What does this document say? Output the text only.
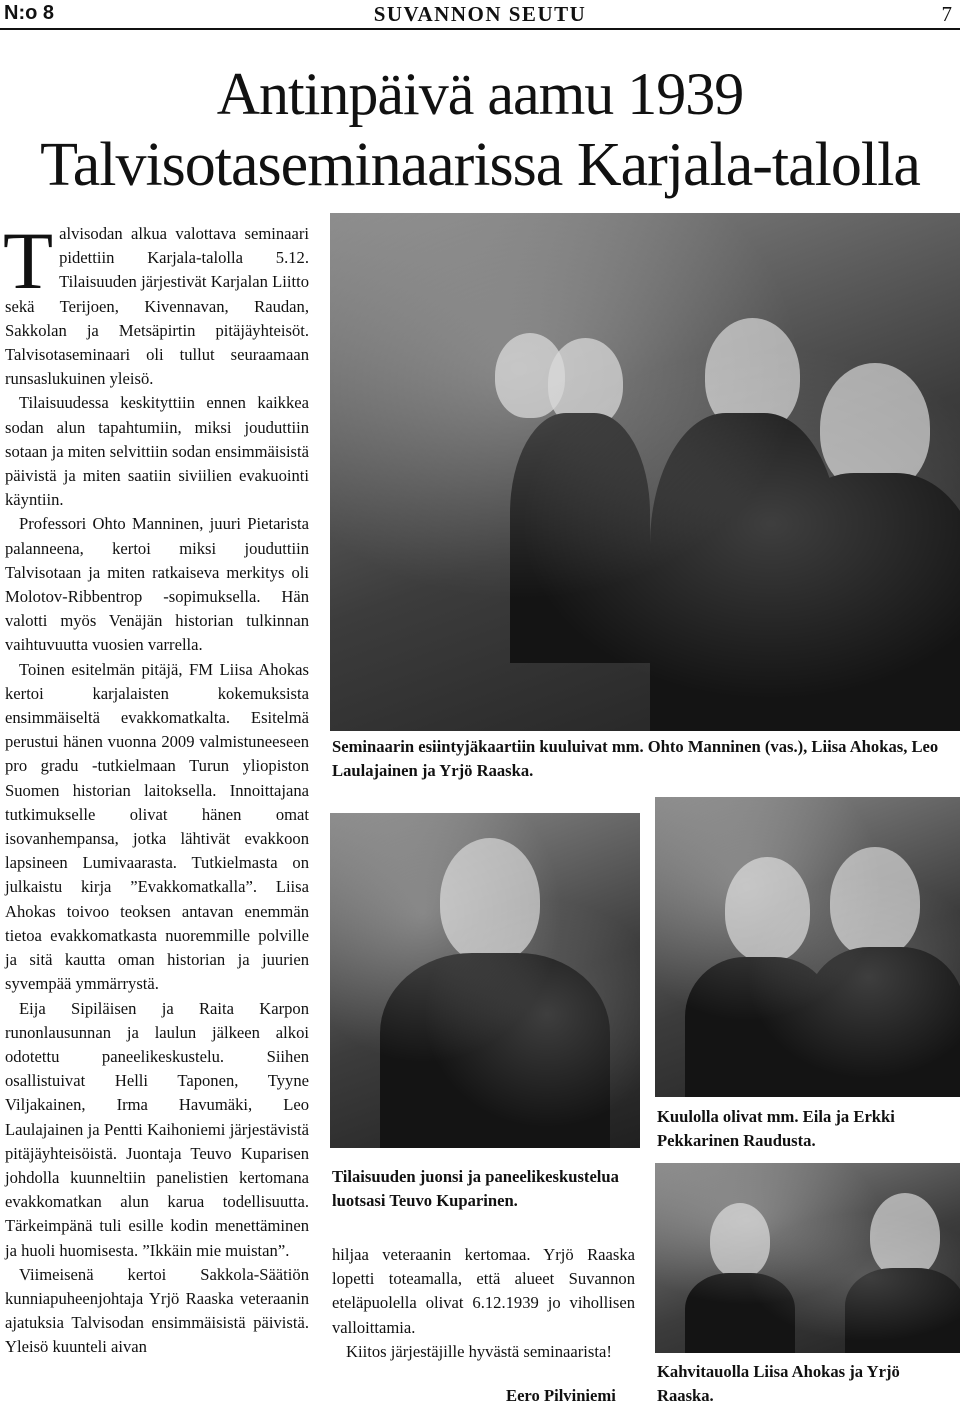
N:o 8	SUVANNON SEUTU	7
Antinpäivä aamu 1939
Talvisotaseminaarissa Karjala-talolla

Talvisodan alkua valottava seminaari pidettiin Karjala-talolla 5.12. Tilaisuuden järjestivät Karjalan Liitto sekä Terijoen, Kivennavan, Raudan, Sakkolan ja Metsäpirtin pitäjäyhteisöt. Talvisotaseminaari oli tullut seuraamaan runsaslukuinen yleisö.

Tilaisuudessa keskityttiin ennen kaikkea sodan alun tapahtumiin, miksi jouduttiin sotaan ja miten selvittiin sodan ensimmäisistä päivistä ja miten saatiin siviilien evakuointi käyntiin.

Professori Ohto Manninen, juuri Pietarista palanneena, kertoi miksi jouduttiin Talvisotaan ja miten ratkaiseva merkitys oli Molotov-Ribbentrop -sopimuksella. Hän valotti myös Venäjän historian tulkinnan vaihtuvuutta vuosien varrella.

Toinen esitelmän pitäjä, FM Liisa Ahokas kertoi karjalaisten kokemuksista ensimmäiseltä evakkomatkalta. Esitelmä perustui hänen vuonna 2009 valmistuneeseen pro gradu -tutkielmaan Turun yliopiston Suomen historian laitoksella. Innoittajana tutkimukselle olivat hänen omat isovanhempansa, jotka lähtivät evakkoon lapsineen Lumivaarasta. Tutkielmasta on julkaistu kirja ”Evakkomatkalla”. Liisa Ahokas toivoo teoksen antavan enemmän tietoa evakkomatkasta nuoremmille polville ja sitä kautta oman historian ja juurien syvempää ymmärrystä.

Eija Sipiläisen ja Raita Karpon runonlausunnan ja laulun jälkeen alkoi odotettu paneelikeskustelu. Siihen osallistuivat Helli Taponen, Tyyne Viljakainen, Irma Havumäki, Leo Laulajainen ja Pentti Kaihoniemi järjestävistä pitäjäyhteisöistä. Juontaja Teuvo Kuparisen johdolla kuunneltiin panelistien kertomana evakkomatkan alun karua todellisuutta. Tärkeimpänä tuli esille kodin menettäminen ja huoli huomisesta. ”Ikkäin mie muistan”.

Viimeisenä kertoi Sakkola-Säätiön kunniapuheenjohtaja Yrjö Raaska veteraanin ajatuksia Talvisodan ensimmäisistä päivistä. Yleisö kuunteli aivan

Seminaarin esiintyjäkaartiin kuuluivat mm. Ohto Manninen (vas.), Liisa Ahokas, Leo Laulajainen ja Yrjö Raaska.
Tilaisuuden juonsi ja paneelikeskustelua luotsasi Teuvo Kuparinen.
Kuulolla olivat mm. Eila ja Erkki Pekkarinen Raudusta.
Kahvitauolla Liisa Ahokas ja Yrjö Raaska.

hiljaa veteraanin kertomaa. Yrjö Raaska lopetti toteamalla, että alueet Suvannon eteläpuolella olivat 6.12.1939 jo vihollisen valloittamia.

Kiitos järjestäjille hyvästä seminaarista!

Eero Pilviniemi
